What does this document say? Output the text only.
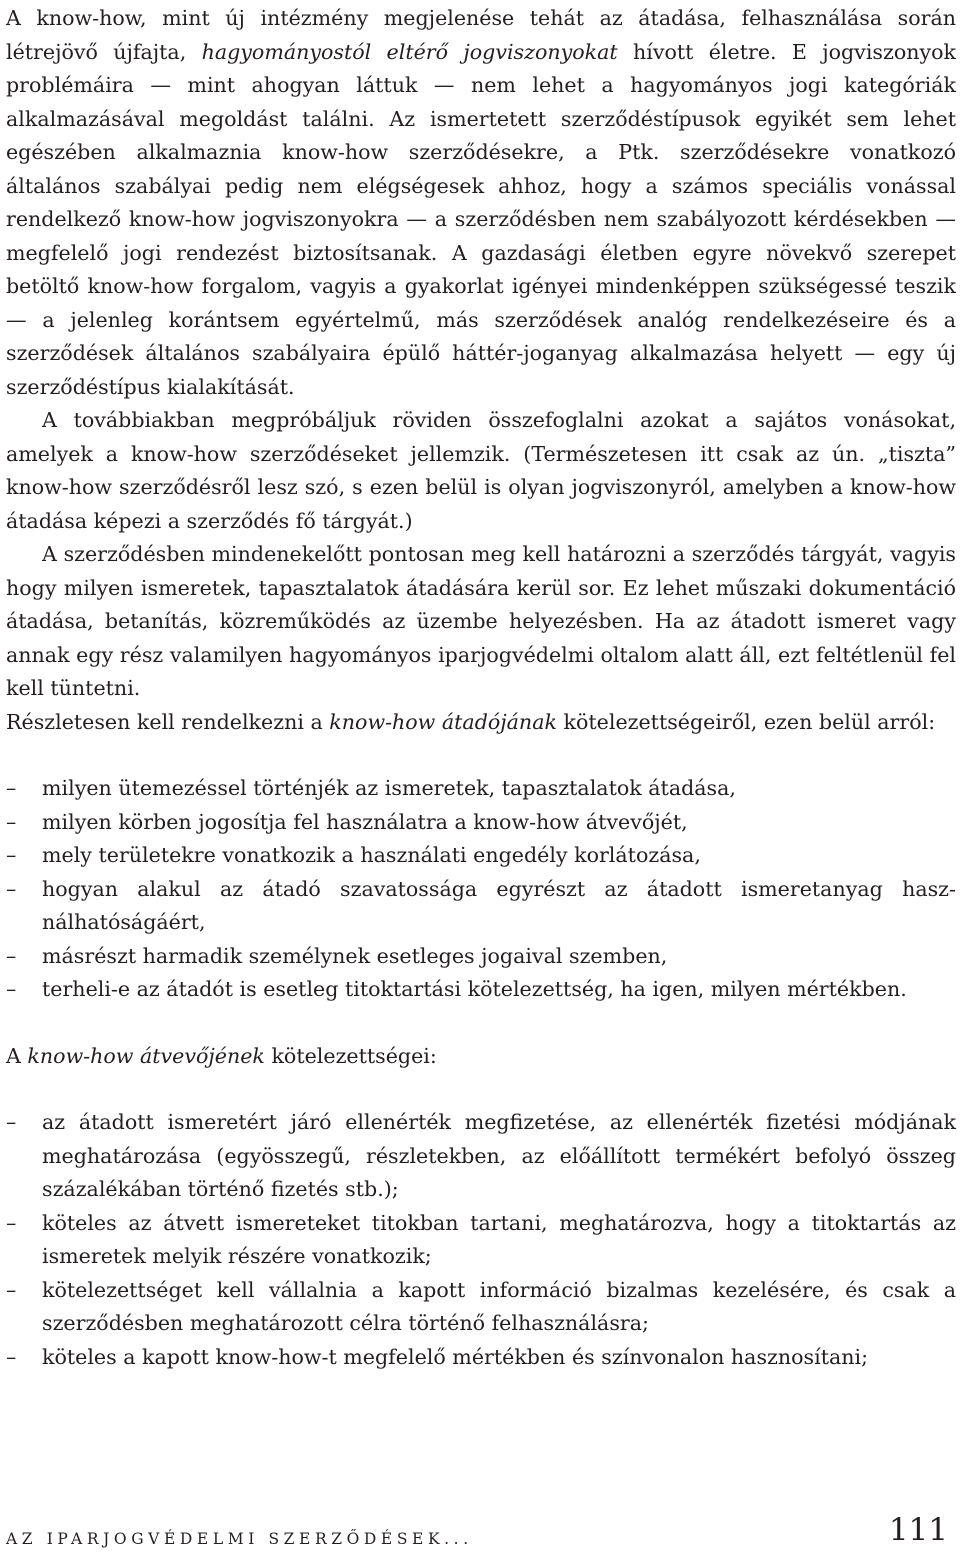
A know-how, mint új intézmény megjelenése tehát az átadása, felhasználása során létrejövő újfajta, hagyományostól eltérő jogviszonyokat hívott életre. E jogviszonyok problémáira — mint ahogyan láttuk — nem lehet a hagyományos jogi kategóriák alkalmazásával megoldást találni. Az ismertetett szerződéstípusok egyikét sem lehet egészében alkalmaznia know-how szerződésekre, a Ptk. szerződésekre vonatkozó általános szabályai pedig nem elégségesek ahhoz, hogy a számos speciális vonással rendelkező know-how jogviszonyokra — a szerződésben nem szabályozott kérdésekben — megfelelő jogi rendezést biztosítsanak. A gazdasági életben egyre növekvő szerepet betöltő know-how forgalom, vagyis a gyakorlat igényei mindenképpen szükségessé teszik — a jelenleg korántsem egyértelmű, más szerződések analóg rendelkezéseire és a szerződések általános szabályaira épülő háttér-joganyag alkalmazása helyett — egy új szerződéstípus kialakítását.

A továbbiakban megpróbáljuk röviden összefoglalni azokat a sajátos vonásokat, amelyek a know-how szerződéseket jellemzik. (Természetesen itt csak az ún. „tiszta” know-how szerződésről lesz szó, s ezen belül is olyan jogviszonyról, amelyben a know-how átadása képezi a szerződés fő tárgyát.)

A szerződésben mindenekelőtt pontosan meg kell határozni a szerződés tárgyát, vagyis hogy milyen ismeretek, tapasztalatok átadására kerül sor. Ez lehet műszaki dokumentáció átadása, betanítás, közreműködés az üzembe helyezésben. Ha az átadott ismeret vagy annak egy rész valamilyen hagyományos iparjogvédelmi oltalom alatt áll, ezt feltétlenül fel kell tüntetni.

Részletesen kell rendelkezni a know-how átadójának kötelezettségeiről, ezen belül arról:

– milyen ütemezéssel történjék az ismeretek, tapasztalatok átadása,
– milyen körben jogosítja fel használatra a know-how átvevőjét,
– mely területekre vonatkozik a használati engedély korlátozása,
– hogyan alakul az átadó szavatossága egyrészt az átadott ismeretanyag használhatóságáért,
– másrészt harmadik személynek esetleges jogaival szemben,
– terheli-e az átadót is esetleg titoktartási kötelezettség, ha igen, milyen mértékben.

A know-how átvevőjének kötelezettségei:

– az átadott ismeretért járó ellenérték megfizetése, az ellenérték fizetési módjának meghatározása (egyösszegű, részletekben, az előállított termékért befolyó összeg százalékában történő fizetés stb.);
– köteles az átvett ismereteket titokban tartani, meghatározva, hogy a titoktartás az ismeretek melyik részére vonatkozik;
– kötelezettséget kell vállalnia a kapott információ bizalmas kezelésére, és csak a szerződésben meghatározott célra történő felhasználásra;
– köteles a kapott know-how-t megfelelő mértékben és színvonalon hasznosítani;
AZ IPARJOGVÉDELMI SZERZŐDÉSEK...	111
